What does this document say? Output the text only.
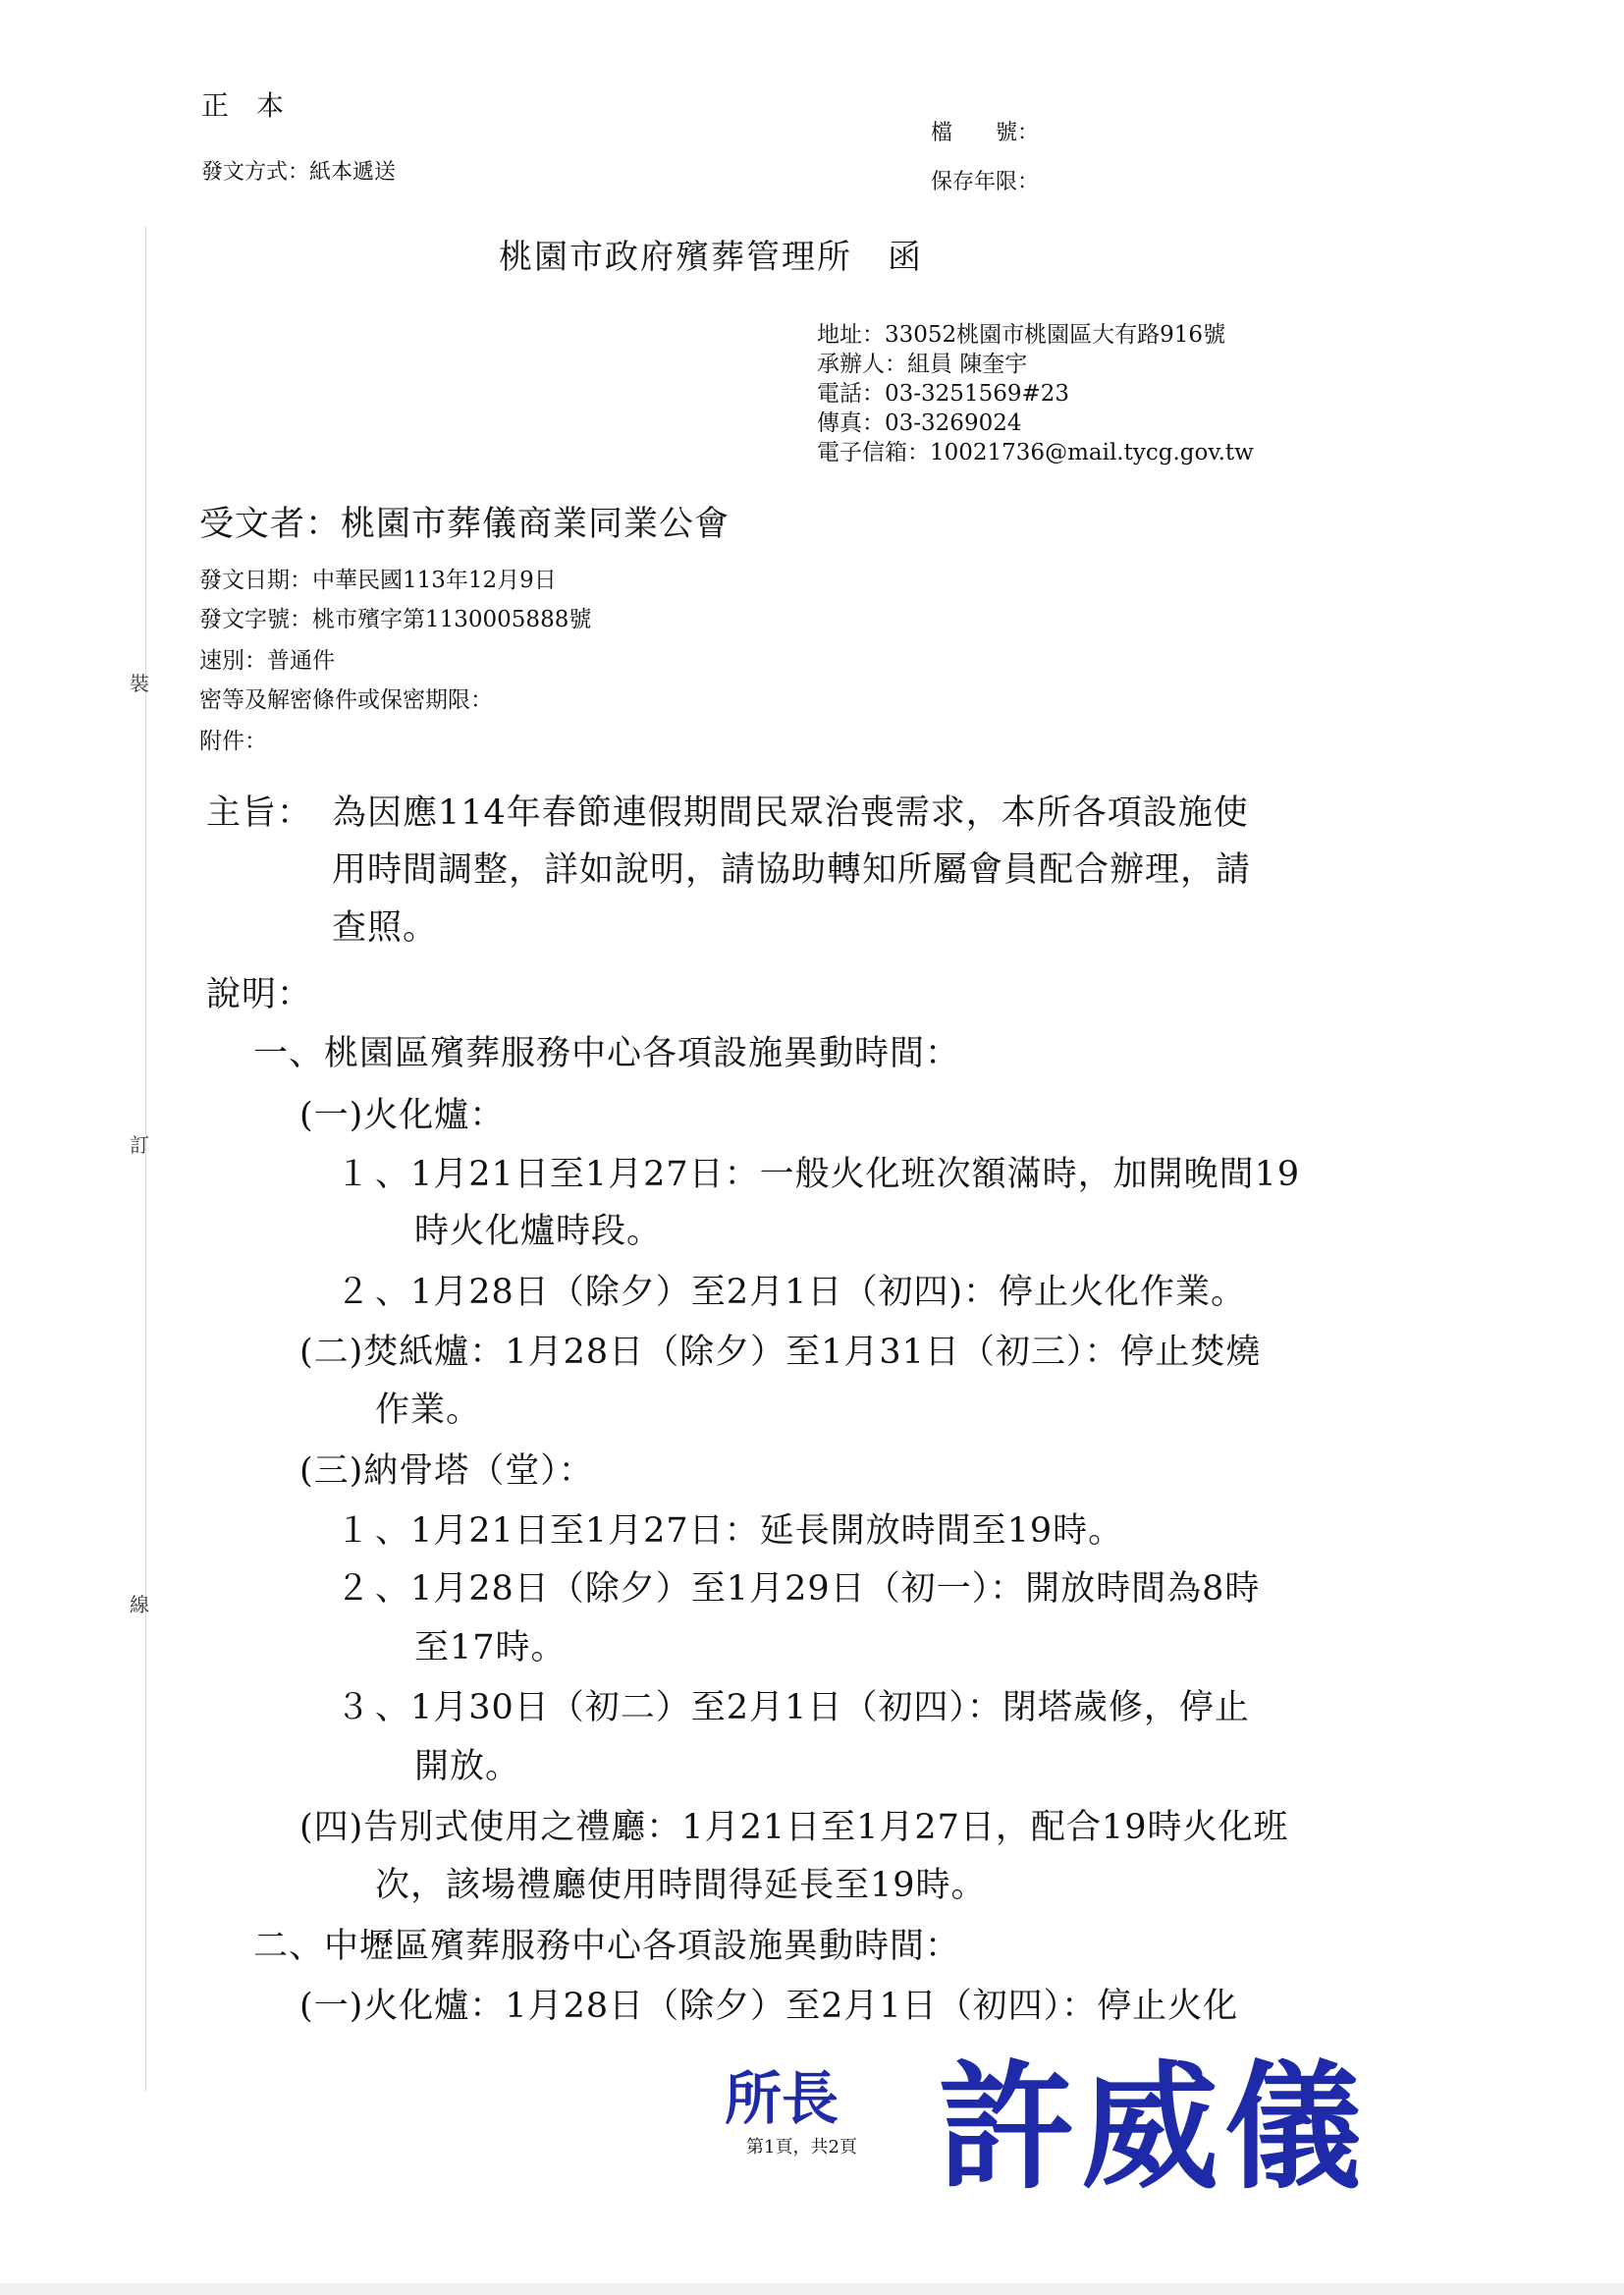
正　本
發文方式：紙本遞送
檔　　號：
保存年限：
裝
訂
線
桃園市政府殯葬管理所　函
地址：33052桃園市桃園區大有路916號
承辦人：組員 陳奎宇
電話：03-3251569#23
傳真：03-3269024
電子信箱：10021736@mail.tycg.gov.tw
受文者：桃園市葬儀商業同業公會
發文日期：中華民國113年12月9日
發文字號：桃市殯字第1130005888號
速別：普通件
密等及解密條件或保密期限：
附件：
主旨： 為因應114年春節連假期間民眾治喪需求，本所各項設施使
用時間調整，詳如說明，請協助轉知所屬會員配合辦理，請
查照。
說明：
一、桃園區殯葬服務中心各項設施異動時間：
(一)火化爐：
１ 、1月21日至1月27日：一般火化班次額滿時，加開晚間19
時火化爐時段。
２ 、1月28日（除夕）至2月1日（初四)：停止火化作業。
(二)焚紙爐：1月28日（除夕）至1月31日（初三）：停止焚燒
作業。
(三)納骨塔（堂）：
１ 、1月21日至1月27日：延長開放時間至19時。
２ 、1月28日（除夕）至1月29日（初一）：開放時間為8時
至17時。
３ 、1月30日（初二）至2月1日（初四）：閉塔歲修，停止
開放。
(四)告別式使用之禮廳：1月21日至1月27日，配合19時火化班
次，該場禮廳使用時間得延長至19時。
二、中壢區殯葬服務中心各項設施異動時間：
(一)火化爐：1月28日（除夕）至2月1日（初四）：停止火化
所長 許威儀
第1頁，共2頁
